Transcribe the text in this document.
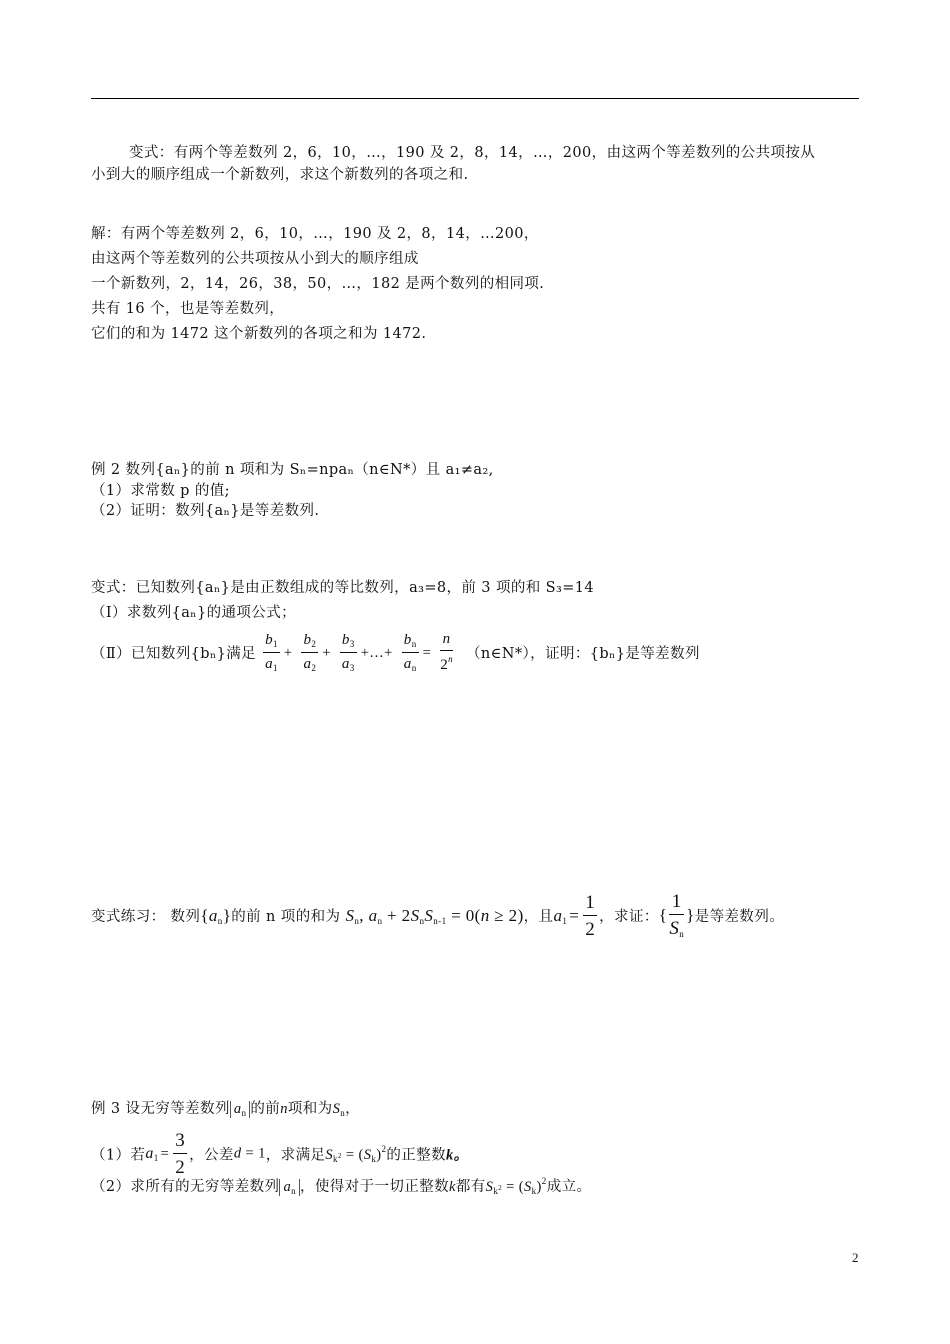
变式：有两个等差数列 2，6，10，…，190 及 2，8，14，…，200，由这两个等差数列的公共项按从
小到大的顺序组成一个新数列，求这个新数列的各项之和.
解：有两个等差数列 2，6，10，…，190 及 2，8，14，…200，
由这两个等差数列的公共项按从小到大的顺序组成
一个新数列，2，14，26，38，50，…，182 是两个数列的相同项.
共有 16 个，也是等差数列，
它们的和为 1472 这个新数列的各项之和为 1472.
例 2 数列{aₙ}的前 n 项和为 Sₙ=npaₙ（n∈N*）且 a₁≠a₂,
（1）求常数 p 的值;
（2）证明：数列{aₙ}是等差数列.
变式：已知数列{aₙ}是由正数组成的等比数列，a₃=8，前 3 项的和 S₃=14
（Ⅰ）求数列{aₙ}的通项公式；
（Ⅱ）已知数列{bₙ}满足 $\frac{b_1}{a_1} + \frac{b_2}{a_2} + \frac{b_3}{a_3}$ +…+ $\frac{b_n}{a_n} = \frac{n}{2^n}$ （n∈N*），证明：{bₙ}是等差数列
变式练习： 数列$\{a_n\}$的前 n 项的和为 $S_n$, $a_n + 2S_nS_{n-1} = 0(n \ge 2)$，且$a_1 = \frac{1}{2}$ ，求证：{ $\frac{1}{S_n}$ }是等差数列。
例 3 设无穷等差数列 $a_n$ 的前n项和为$S_n$，
（1）若$a_1 = \frac{3}{2}$ ，公差d = 1，求满足$S_{k^2} = (S_k)^2$的正整数k。
（2）求所有的无穷等差数列 $a_n$ ，使得对于一切正整数k都有$S_{k^2} = (S_k)^2$成立。
2
